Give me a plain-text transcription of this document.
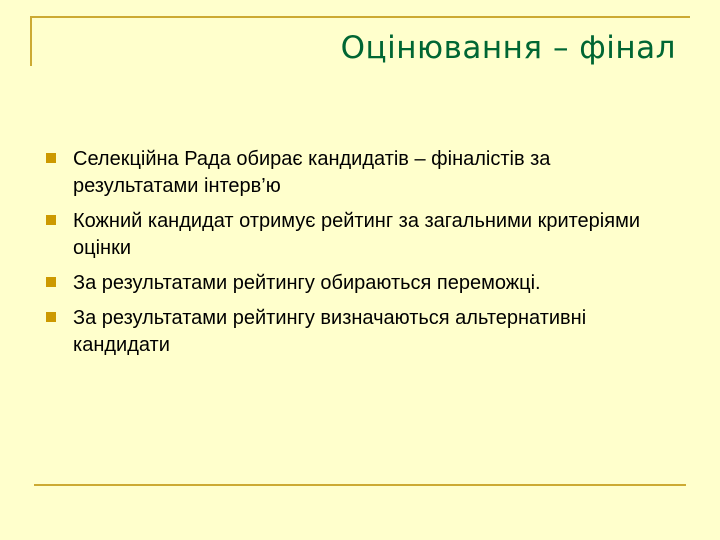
Оцінювання – фінал
Селекційна Рада обирає кандидатів – фіналістів за результатами інтерв’ю
Кожний кандидат отримує рейтинг за загальними критеріями оцінки
За результатами рейтингу обираються переможці.
За результатами рейтингу визначаються альтернативні кандидати
